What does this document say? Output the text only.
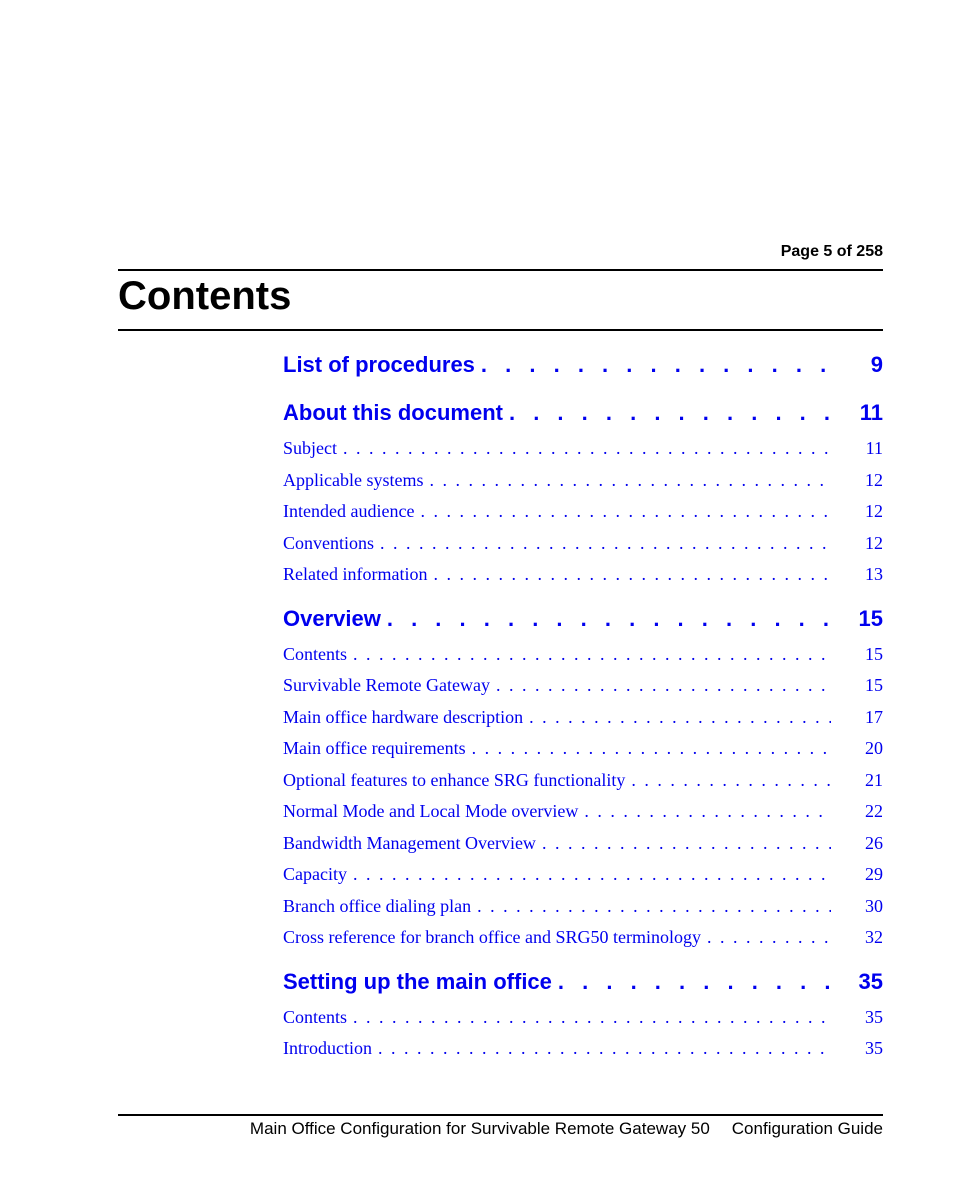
Page 5 of 258
Contents
List of procedures . . .	9
About this document . . .	11
Subject . . .	11
Applicable systems . . .	12
Intended audience . . .	12
Conventions . . .	12
Related information . . .	13
Overview . . .	15
Contents . . .	15
Survivable Remote Gateway . . .	15
Main office hardware description . . .	17
Main office requirements . . .	20
Optional features to enhance SRG functionality . . .	21
Normal Mode and Local Mode overview . . .	22
Bandwidth Management Overview . . .	26
Capacity . . .	29
Branch office dialing plan . . .	30
Cross reference for branch office and SRG50 terminology . . .	32
Setting up the main office . . .	35
Contents . . .	35
Introduction . . .	35
Main Office Configuration for Survivable Remote Gateway 50 Configuration Guide
